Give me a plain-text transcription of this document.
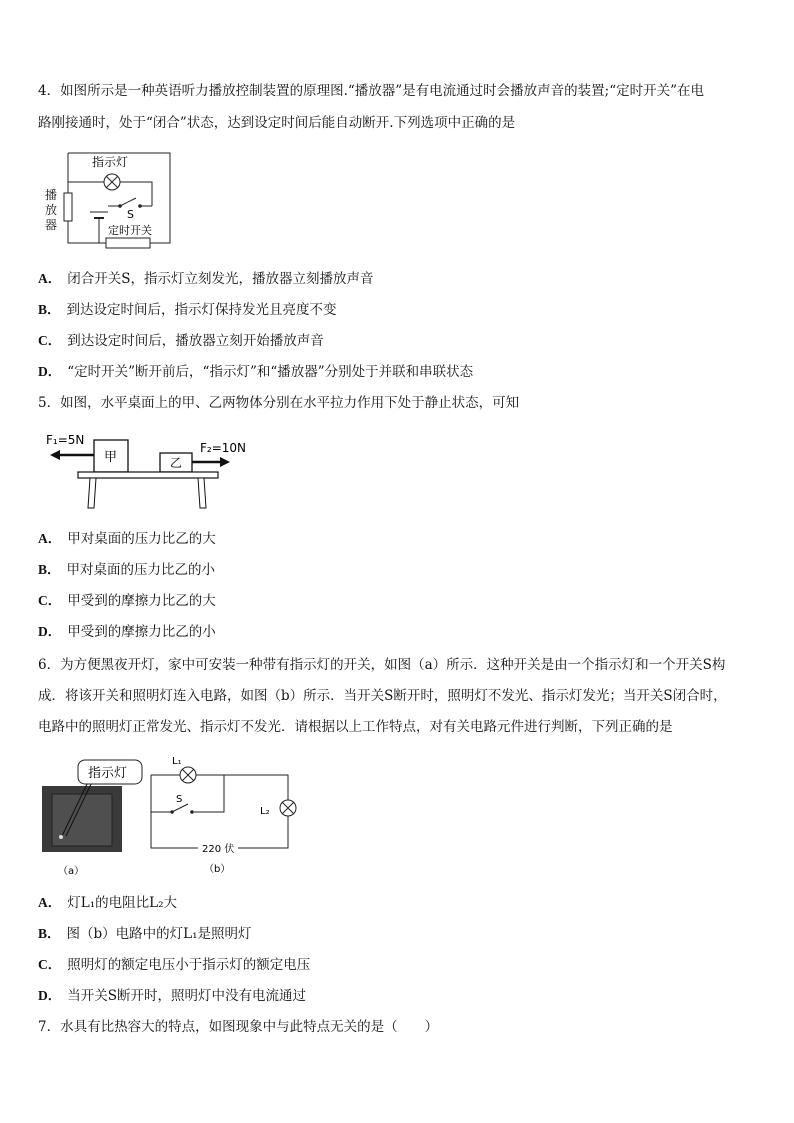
4．如图所示是一种英语听力播放控制装置的原理图.“播放器”是有电流通过时会播放声音的装置;“定时开关”在电
路刚接通时，处于“闭合”状态，达到设定时间后能自动断开.下列选项中正确的是
指示灯
S
定时开关
播
放
器
A． 闭合开关S，指示灯立刻发光，播放器立刻播放声音
B． 到达设定时间后，指示灯保持发光且亮度不变
C． 到达设定时间后，播放器立刻开始播放声音
D． “定时开关”断开前后，“指示灯”和“播放器”分别处于并联和串联状态
5．如图，水平桌面上的甲、乙两物体分别在水平拉力作用下处于静止状态，可知
F₁=5N
F₂=10N
甲	乙
A． 甲对桌面的压力比乙的大
B． 甲对桌面的压力比乙的小
C． 甲受到的摩擦力比乙的大
D． 甲受到的摩擦力比乙的小
6．为方便黑夜开灯，家中可安装一种带有指示灯的开关，如图（a）所示．这种开关是由一个指示灯和一个开关S构
成．将该开关和照明灯连入电路，如图（b）所示．当开关S断开时，照明灯不发光、指示灯发光；当开关S闭合时，
电路中的照明灯正常发光、指示灯不发光．请根据以上工作特点，对有关电路元件进行判断，下列正确的是
指示灯
（a）
L₁
S
L₂
220 伏
（b）
A． 灯L₁的电阻比L₂大
B． 图（b）电路中的灯L₁是照明灯
C． 照明灯的额定电压小于指示灯的额定电压
D． 当开关S断开时，照明灯中没有电流通过
7．水具有比热容大的特点，如图现象中与此特点无关的是（　　）
